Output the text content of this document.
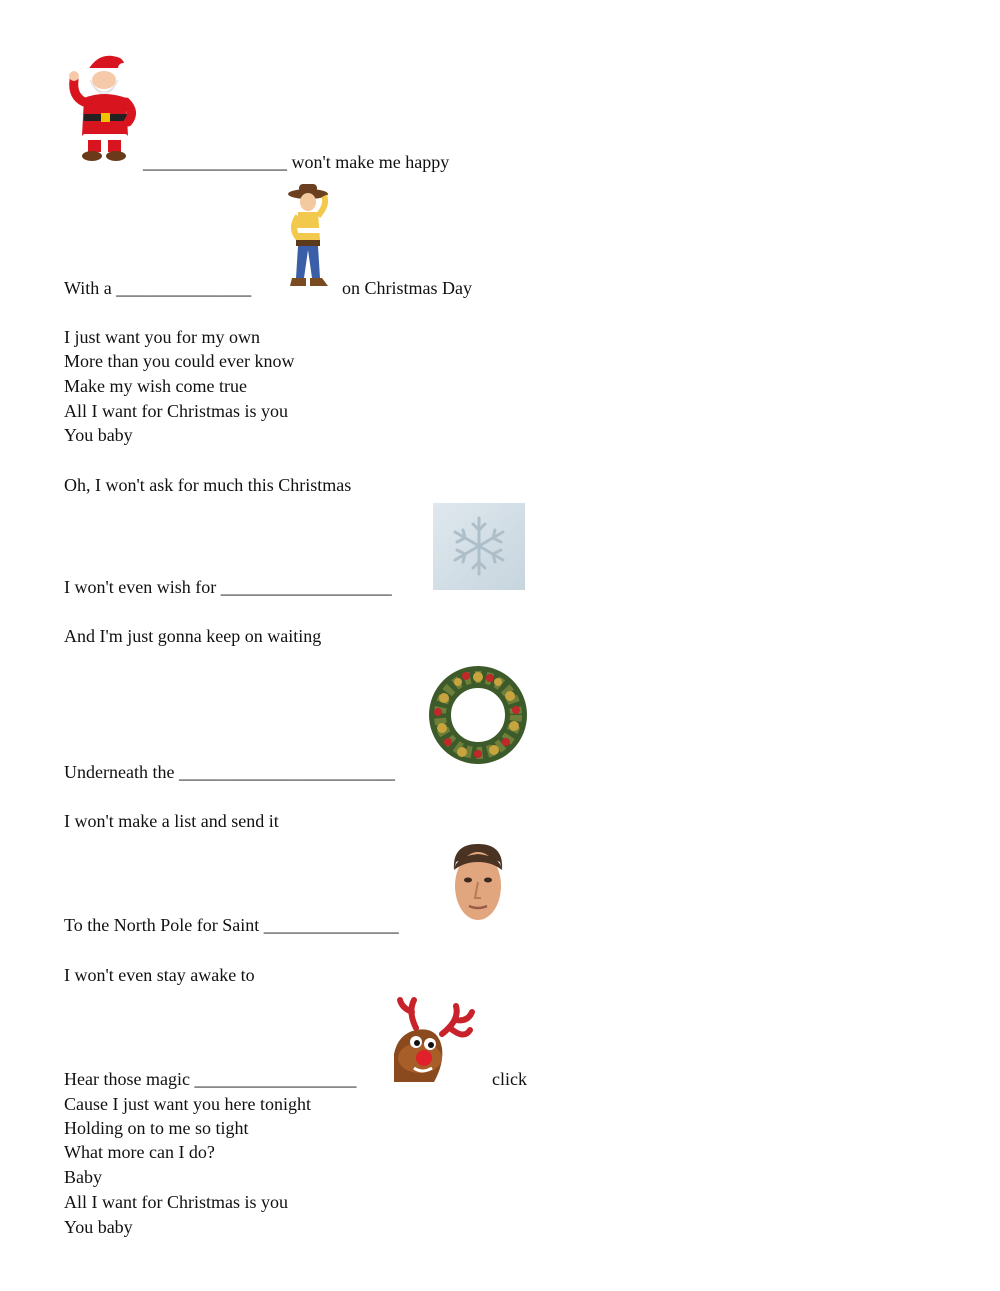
________________ won't make me happy
With a _______________	on Christmas Day
I just want you for my own
More than you could ever know
Make my wish come true
All I want for Christmas is you
You baby
Oh, I won't ask for much this Christmas
I won't even wish for ___________________
And I'm just gonna keep on waiting
Underneath the ________________________
I won't make a list and send it
To the North Pole for Saint _______________
I won't even stay awake to
Hear those magic __________________	click
Cause I just want you here tonight
Holding on to me so tight
What more can I do?
Baby
All I want for Christmas is you
You baby
